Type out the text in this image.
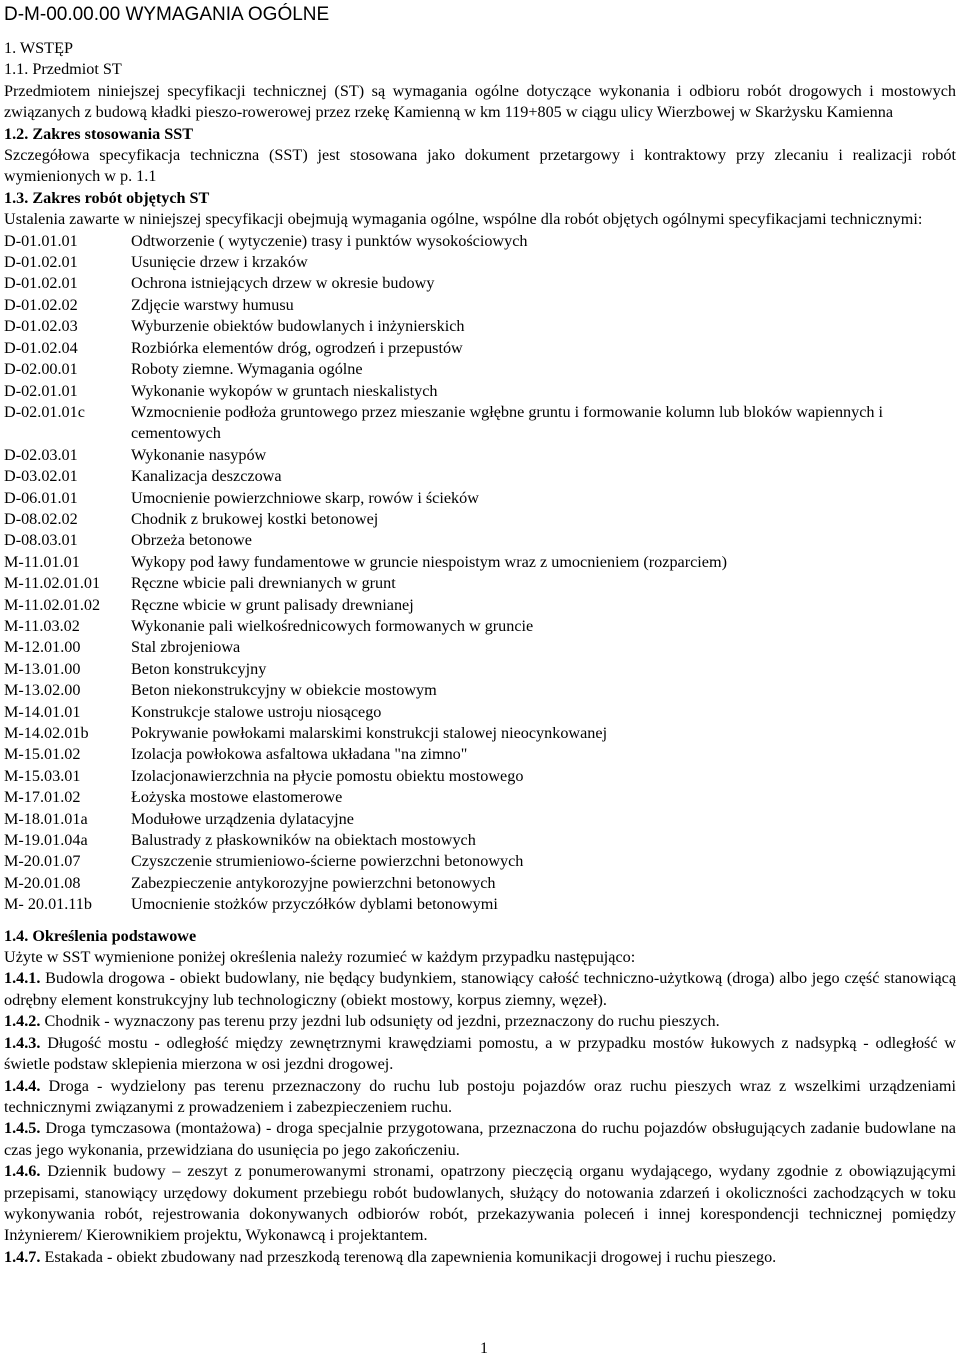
D-M-00.00.00 WYMAGANIA OGÓLNE
1. WSTĘP
1.1. Przedmiot ST
Przedmiotem niniejszej specyfikacji technicznej (ST) są wymagania ogólne dotyczące wykonania i odbioru robót drogowych i mostowych związanych z budową kładki pieszo-rowerowej przez rzekę Kamienną w km 119+805 w ciągu ulicy Wierzbowej w Skarżysku Kamienna
1.2. Zakres stosowania SST
Szczegółowa specyfikacja techniczna (SST) jest stosowana jako dokument przetargowy i kontraktowy przy zlecaniu i realizacji robót wymienionych w p. 1.1
1.3. Zakres robót objętych ST
Ustalenia zawarte w niniejszej specyfikacji obejmują wymagania ogólne, wspólne dla robót objętych ogólnymi specyfikacjami technicznymi:
D-01.01.01	Odtworzenie ( wytyczenie) trasy i punktów wysokościowych
D-01.02.01	Usunięcie drzew i krzaków
D-01.02.01	Ochrona istniejących drzew w okresie budowy
D-01.02.02	Zdjęcie warstwy humusu
D-01.02.03	Wyburzenie obiektów budowlanych i inżynierskich
D-01.02.04	Rozbiórka elementów dróg, ogrodzeń i przepustów
D-02.00.01	Roboty ziemne. Wymagania ogólne
D-02.01.01	Wykonanie wykopów w gruntach nieskalistych
D-02.01.01c	Wzmocnienie podłoża gruntowego przez mieszanie wgłębne gruntu i formowanie kolumn lub bloków wapiennych i cementowych
D-02.03.01	Wykonanie nasypów
D-03.02.01	Kanalizacja deszczowa
D-06.01.01	Umocnienie powierzchniowe skarp, rowów i ścieków
D-08.02.02	Chodnik z brukowej kostki betonowej
D-08.03.01	Obrzeża betonowe
M-11.01.01	Wykopy pod ławy fundamentowe w gruncie niespoistym wraz z umocnieniem (rozparciem)
M-11.02.01.01	Ręczne wbicie pali drewnianych w grunt
M-11.02.01.02	Ręczne wbicie w grunt palisady drewnianej
M-11.03.02	Wykonanie pali wielkośrednicowych formowanych w gruncie
M-12.01.00	Stal zbrojeniowa
M-13.01.00	Beton konstrukcyjny
M-13.02.00	Beton niekonstrukcyjny w obiekcie mostowym
M-14.01.01	Konstrukcje stalowe ustroju niosącego
M-14.02.01b	Pokrywanie powłokami malarskimi konstrukcji stalowej nieocynkowanej
M-15.01.02	Izolacja powłokowa asfaltowa układana "na zimno"
M-15.03.01	Izolacjonawierzchnia na płycie pomostu obiektu mostowego
M-17.01.02	Łożyska mostowe elastomerowe
M-18.01.01a	Modułowe urządzenia dylatacyjne
M-19.01.04a	Balustrady z płaskowników na obiektach mostowych
M-20.01.07	Czyszczenie strumieniowo-ścierne powierzchni betonowych
M-20.01.08	Zabezpieczenie antykorozyjne powierzchni betonowych
M- 20.01.11b	Umocnienie stożków przyczółków dyblami betonowymi
1.4. Określenia podstawowe
Użyte w SST wymienione poniżej określenia należy rozumieć w każdym przypadku następująco:
1.4.1. Budowla drogowa - obiekt budowlany, nie będący budynkiem, stanowiący całość techniczno-użytkową (droga) albo jego część stanowiącą odrębny element konstrukcyjny lub technologiczny (obiekt mostowy, korpus ziemny, węzeł).
1.4.2. Chodnik - wyznaczony pas terenu przy jezdni lub odsunięty od jezdni, przeznaczony do ruchu pieszych.
1.4.3. Długość mostu - odległość między zewnętrznymi krawędziami pomostu, a w przypadku mostów łukowych z nadsypką - odległość w świetle podstaw sklepienia mierzona w osi jezdni drogowej.
1.4.4. Droga - wydzielony pas terenu przeznaczony do ruchu lub postoju pojazdów oraz ruchu pieszych wraz z wszelkimi urządzeniami technicznymi związanymi z prowadzeniem i zabezpieczeniem ruchu.
1.4.5. Droga tymczasowa (montażowa) - droga specjalnie przygotowana, przeznaczona do ruchu pojazdów obsługujących zadanie budowlane na czas jego wykonania, przewidziana do usunięcia po jego zakończeniu.
1.4.6. Dziennik budowy – zeszyt z ponumerowanymi stronami, opatrzony pieczęcią organu wydającego, wydany zgodnie z obowiązującymi przepisami, stanowiący urzędowy dokument przebiegu robót budowlanych, służący do notowania zdarzeń i okoliczności zachodzących w toku wykonywania robót, rejestrowania dokonywanych odbiorów robót, przekazywania poleceń i innej korespondencji technicznej pomiędzy Inżynierem/ Kierownikiem projektu, Wykonawcą i projektantem.
1.4.7. Estakada - obiekt zbudowany nad przeszkodą terenową dla zapewnienia komunikacji drogowej i ruchu pieszego.
1
